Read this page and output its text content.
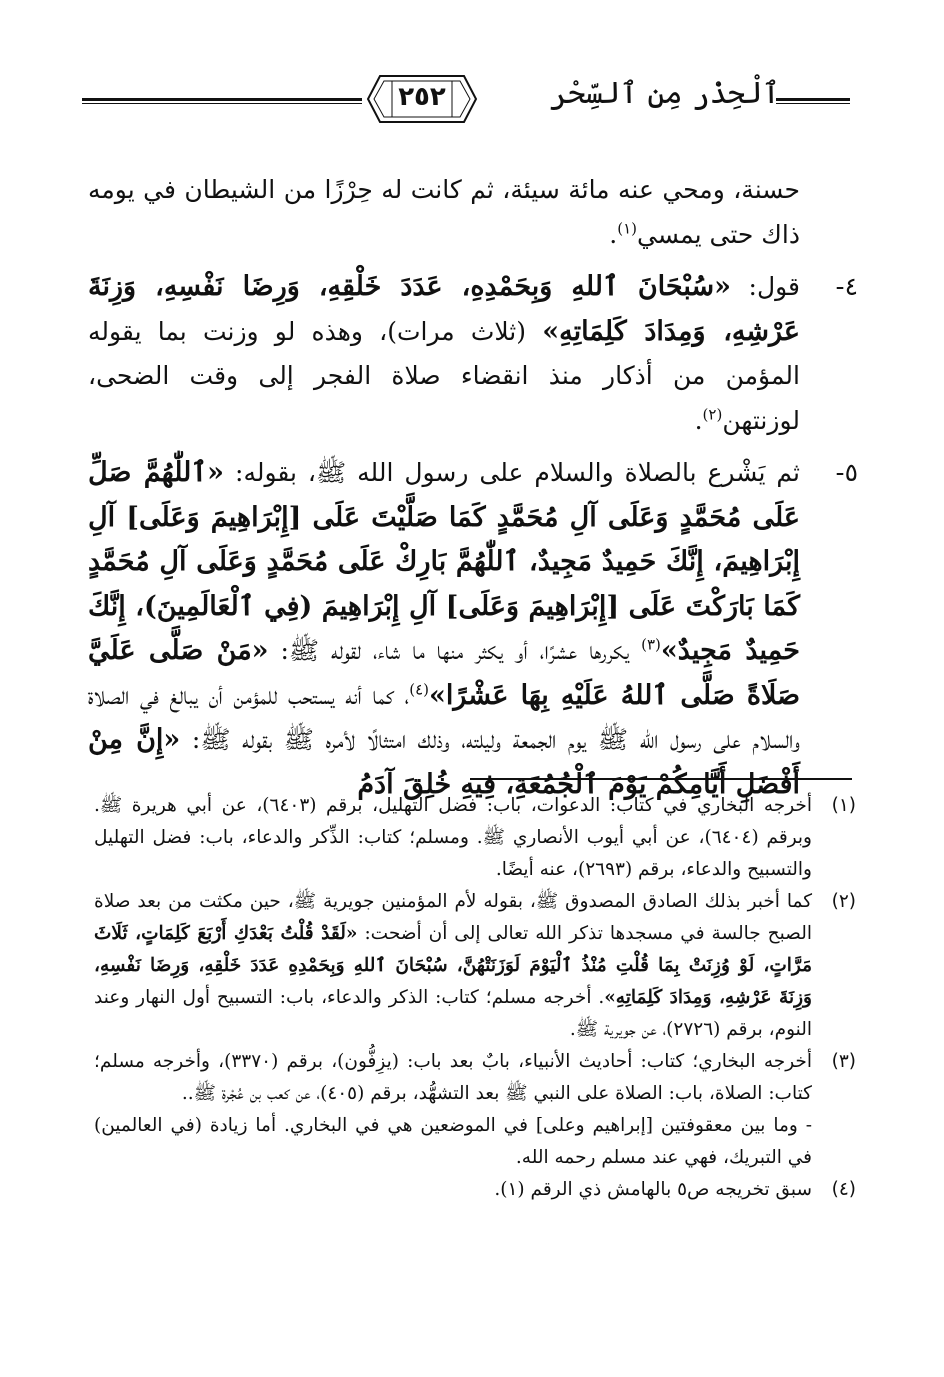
٢٥٢	ٱلْحِذْر مِن ٱلسِّحْر

حسنة، ومحي عنه مائة سيئة، ثم كانت له حِرْزًا من الشيطان في يومه ذاك حتى يمسي$^{(١)}$.

٤-
قول: «سُبْحَانَ ٱللهِ وَبِحَمْدِهِ، عَدَدَ خَلْقِهِ، وَرِضَا نَفْسِهِ، وَزِنَةَ عَرْشِهِ، وَمِدَادَ كَلِمَاتِهِ» (ثلاث مرات)، وهذه لو وزنت بما يقوله المؤمن من أذكار منذ انقضاء صلاة الفجر إلى وقت الضحى، لوزنتهن$^{(٢)}$.
٥-
ثم يَشْرع بالصلاة والسلام على رسول الله ﷺ، بقوله: «ٱللّٰهُمَّ صَلِّ عَلَى مُحَمَّدٍ وَعَلَى آلِ مُحَمَّدٍ كَمَا صَلَّيْتَ عَلَى [إِبْرَاهِيمَ وَعَلَى] آلِ إِبْرَاهِيمَ، إِنَّكَ حَمِيدٌ مَجِيدٌ، ٱللّٰهُمَّ بَارِكْ عَلَى مُحَمَّدٍ وَعَلَى آلِ مُحَمَّدٍ كَمَا بَارَكْتَ عَلَى [إِبْرَاهِيمَ وَعَلَى] آلِ إِبْرَاهِيمَ (فِي ٱلْعَالَمِينَ)، إِنَّكَ حَمِيدٌ مَجِيدٌ»$^{(٣)}$ يكررها عشرًا، أو يكثر منها ما شاء، لقوله ﷺ: «مَنْ صَلَّى عَلَيَّ صَلَاةً صَلَّى ٱللهُ عَلَيْهِ بِهَا عَشْرًا»$^{(٤)}$، كما أنه يستحب للمؤمن أن يبالغ في الصلاة والسلام على رسول الله ﷺ يوم الجمعة وليلته، وذلك امتثالًا لأمره ﷺ بقوله ﷺ: «إِنَّ مِنْ أَفْضَلِ أَيَّامِكُمْ يَوْمَ ٱلْجُمُعَةِ، فِيهِ خُلِقَ آدَمُ

(١)
أخرجه البخاري في كتاب: الدعوات، باب: فضل التهليل، برقم (٦٤٠٣)، عن أبي هريرة ﷺ. وبرقم (٦٤٠٤)، عن أبي أيوب الأنصاري ﷺ. ومسلم؛ كتاب: الذِّكر والدعاء، باب: فضل التهليل والتسبيح والدعاء، برقم (٢٦٩٣)، عنه أيضًا.

(٢)
كما أخبر بذلك الصادق المصدوق ﷺ، بقوله لأم المؤمنين جويرية ﷺ، حين مكثت من بعد صلاة الصبح جالسة في مسجدها تذكر الله تعالى إلى أن أضحت: «لَقَدْ قُلْتُ بَعْدَكِ أَرْبَعَ كَلِمَاتٍ، ثَلَاثَ مَرَّاتٍ، لَوْ وُزِنَتْ بِمَا قُلْتِ مُنْذُ ٱلْيَوْمَ لَوَزَنَتْهُنَّ، سُبْحَانَ ٱللهِ وَبِحَمْدِهِ عَدَدَ خَلْقِهِ، وَرِضَا نَفْسِهِ، وَزِنَةَ عَرْشِهِ، وَمِدَادَ كَلِمَاتِهِ». أخرجه مسلم؛ كتاب: الذكر والدعاء، باب: التسبيح أول النهار وعند النوم، برقم (٢٧٢٦)، عن جويرية ﷺ.

(٣)
أخرجه البخاري؛ كتاب: أحاديث الأنبياء، بابٌ بعد باب: (يزِفُّون)، برقم (٣٣٧٠)، وأخرجه مسلم؛ كتاب: الصلاة، باب: الصلاة على النبي ﷺ بعد التشهُّد، برقم (٤٠٥)، عن كعب بن عُجْرة ﷺ..

- وما بين معقوفتين [إبراهيم وعلى] في الموضعين هي في البخاري. أما زيادة (في العالمين) في التبريك، فهي عند مسلم رحمه الله.

(٤)
سبق تخريجه ص٥ بالهامش ذي الرقم (١).
